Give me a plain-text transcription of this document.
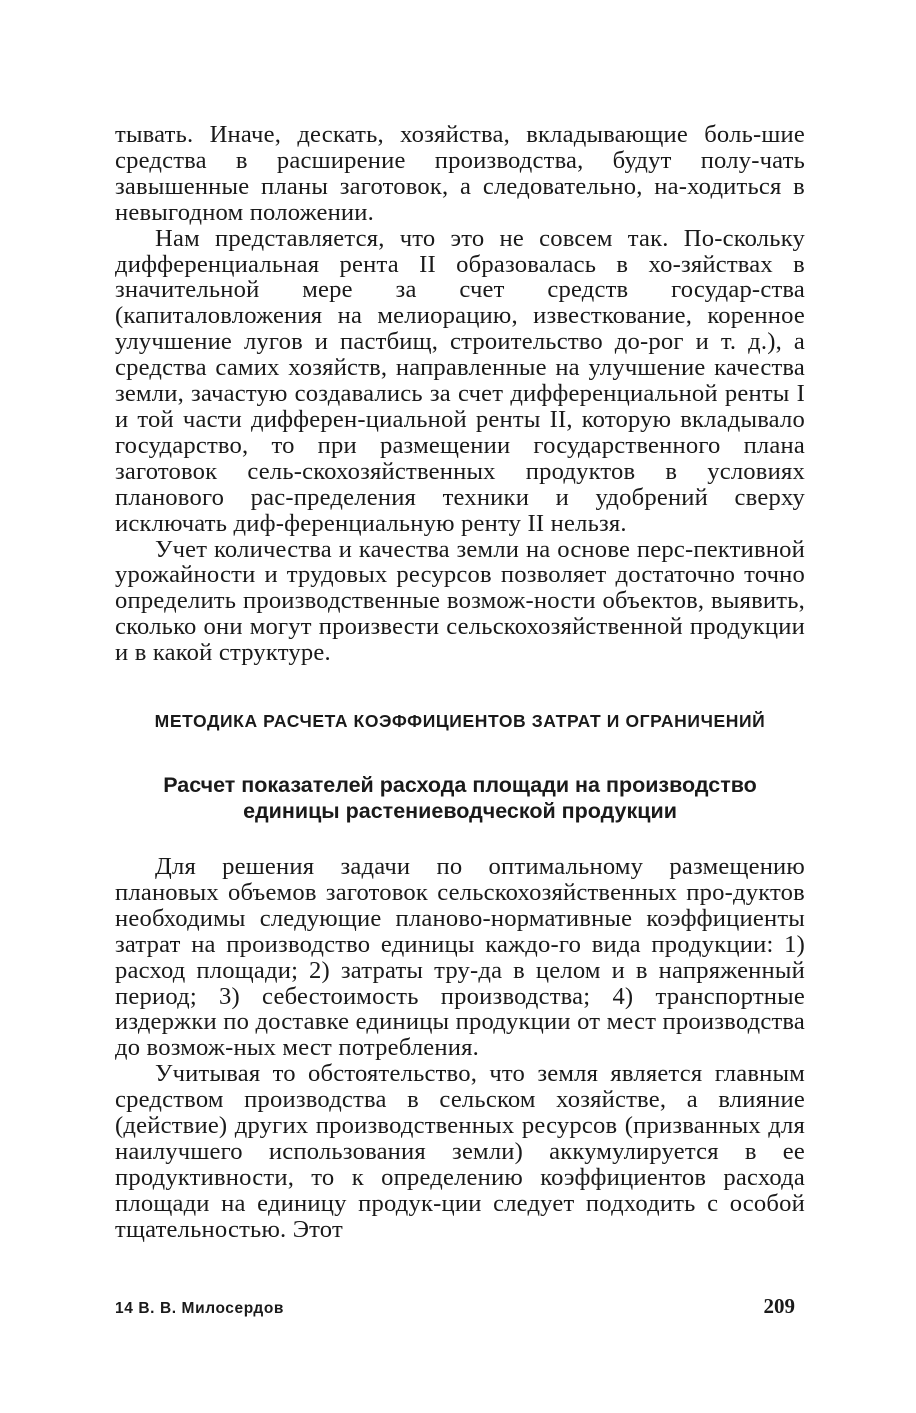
тывать. Иначе, дескать, хозяйства, вкладывающие боль-шие средства в расширение производства, будут полу-чать завышенные планы заготовок, а следовательно, на-ходиться в невыгодном положении.

Нам представляется, что это не совсем так. По-скольку дифференциальная рента II образовалась в хо-зяйствах в значительной мере за счет средств государ-ства (капиталовложения на мелиорацию, известкование, коренное улучшение лугов и пастбищ, строительство до-рог и т. д.), а средства самих хозяйств, направленные на улучшение качества земли, зачастую создавались за счет дифференциальной ренты I и той части дифферен-циальной ренты II, которую вкладывало государство, то при размещении государственного плана заготовок сель-скохозяйственных продуктов в условиях планового рас-пределения техники и удобрений сверху исключать диф-ференциальную ренту II нельзя.

Учет количества и качества земли на основе перс-пективной урожайности и трудовых ресурсов позволяет достаточно точно определить производственные возмож-ности объектов, выявить, сколько они могут произвести сельскохозяйственной продукции и в какой структуре.

МЕТОДИКА РАСЧЕТА КОЭФФИЦИЕНТОВ ЗАТРАТ И ОГРАНИЧЕНИЙ
Расчет показателей расхода площади на производство
единицы растениеводческой продукции

Для решения задачи по оптимальному размещению плановых объемов заготовок сельскохозяйственных про-дуктов необходимы следующие планово-нормативные коэффициенты затрат на производство единицы каждо-го вида продукции: 1) расход площади; 2) затраты тру-да в целом и в напряженный период; 3) себестоимость производства; 4) транспортные издержки по доставке единицы продукции от мест производства до возмож-ных мест потребления.

Учитывая то обстоятельство, что земля является главным средством производства в сельском хозяйстве, а влияние (действие) других производственных ресурсов (призванных для наилучшего использования земли) аккумулируется в ее продуктивности, то к определению коэффициентов расхода площади на единицу продук-ции следует подходить с особой тщательностью. Этот

14 В. В. Милосердов	209
